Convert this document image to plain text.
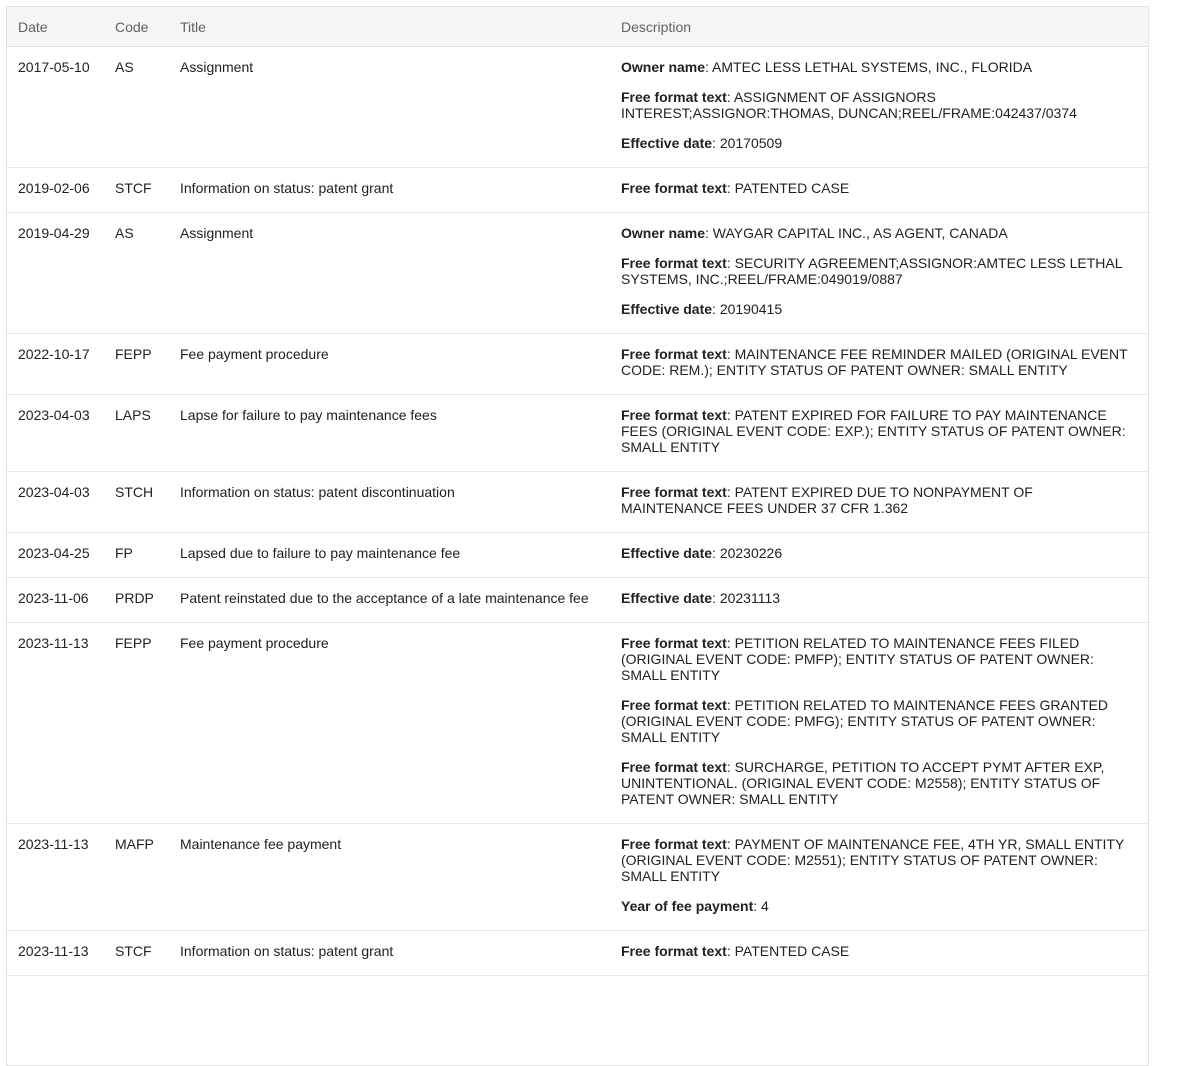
Date	Code	Title	Description
2017-05-10	AS	Assignment	Owner name: AMTEC LESS LETHAL SYSTEMS, INC., FLORIDA
Free format text: ASSIGNMENT OF ASSIGNORS INTEREST;ASSIGNOR:THOMAS, DUNCAN;REEL/FRAME:042437/0374
Effective date: 20170509

2019-02-06	STCF	Information on status: patent grant	Free format text: PATENTED CASE

2019-04-29	AS	Assignment	Owner name: WAYGAR CAPITAL INC., AS AGENT, CANADA
Free format text: SECURITY AGREEMENT;ASSIGNOR:AMTEC LESS LETHAL SYSTEMS, INC.;REEL/FRAME:049019/0887
Effective date: 20190415

2022-10-17	FEPP	Fee payment procedure	Free format text: MAINTENANCE FEE REMINDER MAILED (ORIGINAL EVENT CODE: REM.); ENTITY STATUS OF PATENT OWNER: SMALL ENTITY

2023-04-03	LAPS	Lapse for failure to pay maintenance fees	Free format text: PATENT EXPIRED FOR FAILURE TO PAY MAINTENANCE FEES (ORIGINAL EVENT CODE: EXP.); ENTITY STATUS OF PATENT OWNER: SMALL ENTITY

2023-04-03	STCH	Information on status: patent discontinuation	Free format text: PATENT EXPIRED DUE TO NONPAYMENT OF MAINTENANCE FEES UNDER 37 CFR 1.362

2023-04-25	FP	Lapsed due to failure to pay maintenance fee	Effective date: 20230226

2023-11-06	PRDP	Patent reinstated due to the acceptance of a late maintenance fee	Effective date: 20231113

2023-11-13	FEPP	Fee payment procedure	Free format text: PETITION RELATED TO MAINTENANCE FEES FILED (ORIGINAL EVENT CODE: PMFP); ENTITY STATUS OF PATENT OWNER: SMALL ENTITY
Free format text: PETITION RELATED TO MAINTENANCE FEES GRANTED (ORIGINAL EVENT CODE: PMFG); ENTITY STATUS OF PATENT OWNER: SMALL ENTITY
Free format text: SURCHARGE, PETITION TO ACCEPT PYMT AFTER EXP, UNINTENTIONAL. (ORIGINAL EVENT CODE: M2558); ENTITY STATUS OF PATENT OWNER: SMALL ENTITY

2023-11-13	MAFP	Maintenance fee payment	Free format text: PAYMENT OF MAINTENANCE FEE, 4TH YR, SMALL ENTITY (ORIGINAL EVENT CODE: M2551); ENTITY STATUS OF PATENT OWNER: SMALL ENTITY
Year of fee payment: 4

2023-11-13	STCF	Information on status: patent grant	Free format text: PATENTED CASE
